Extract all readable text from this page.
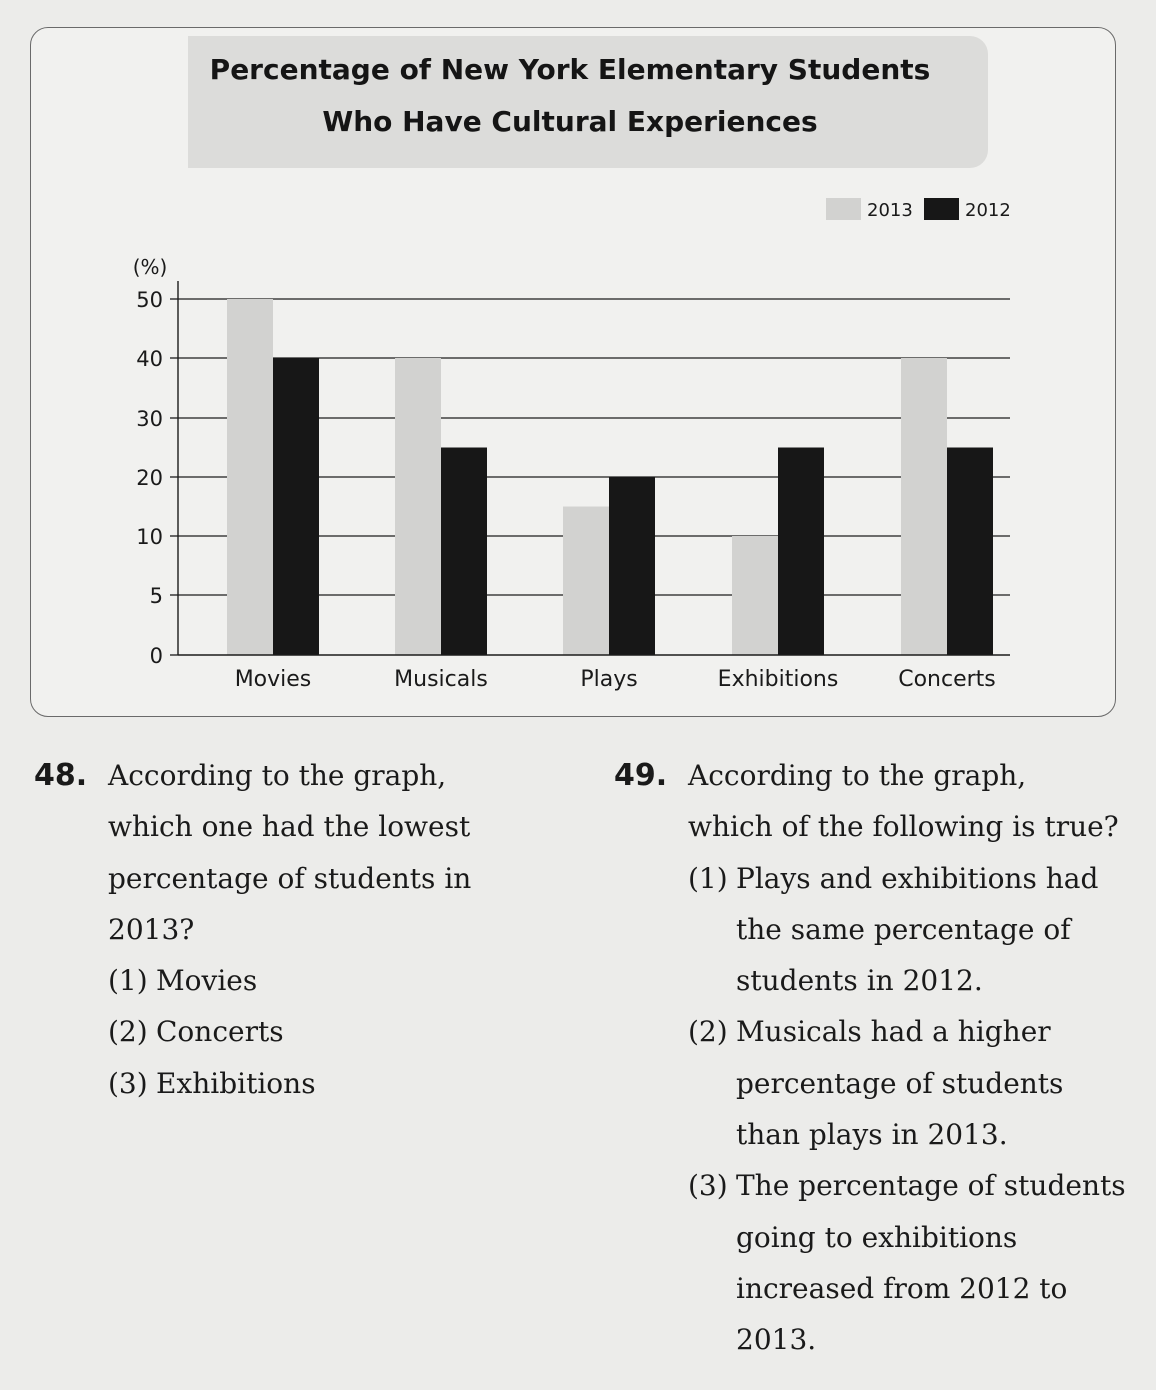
Percentage of New York Elementary Students
Who Have Cultural Experiences
0
5
10
20
30
40
50
(%)
Movies	Musicals	Plays	Exhibitions	Concerts
2013	2012
48. According to the graph,
which one had the lowest
percentage of students in
2013?
(1) Movies
(2) Concerts
(3) Exhibitions
49. According to the graph,
which of the following is true?
(1) Plays and exhibitions had
the same percentage of
students in 2012.
(2) Musicals had a higher
percentage of students
than plays in 2013.
(3) The percentage of students
going to exhibitions
increased from 2012 to
2013.
